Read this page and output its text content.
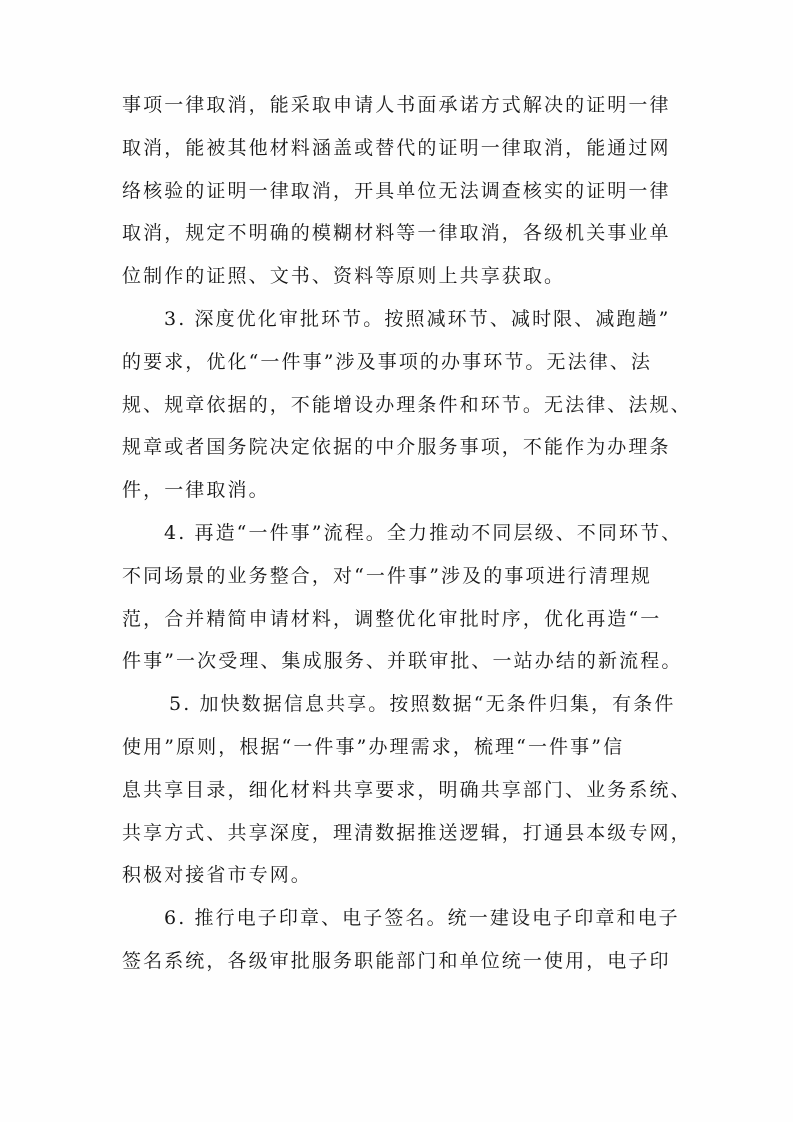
事项一律取消，能采取申请人书面承诺方式解决的证明一律
取消，能被其他材料涵盖或替代的证明一律取消，能通过网
络核验的证明一律取消，开具单位无法调查核实的证明一律
取消，规定不明确的模糊材料等一律取消，各级机关事业单
位制作的证照、文书、资料等原则上共享获取。
3. 深度优化审批环节。按照减环节、减时限、减跑趟”
的要求，优化“一件事”涉及事项的办事环节。无法律、法
规、规章依据的，不能增设办理条件和环节。无法律、法规、
规章或者国务院决定依据的中介服务事项，不能作为办理条
件，一律取消。
4. 再造“一件事”流程。全力推动不同层级、不同环节、
不同场景的业务整合，对“一件事”涉及的事项进行清理规
范，合并精简申请材料，调整优化审批时序，优化再造“一
件事”一次受理、集成服务、并联审批、一站办结的新流程。
5. 加快数据信息共享。按照数据“无条件归集，有条件
使用”原则，根据“一件事”办理需求，梳理“一件事”信
息共享目录，细化材料共享要求，明确共享部门、业务系统、
共享方式、共享深度，理清数据推送逻辑，打通县本级专网，
积极对接省市专网。
6. 推行电子印章、电子签名。统一建设电子印章和电子
签名系统，各级审批服务职能部门和单位统一使用，电子印
